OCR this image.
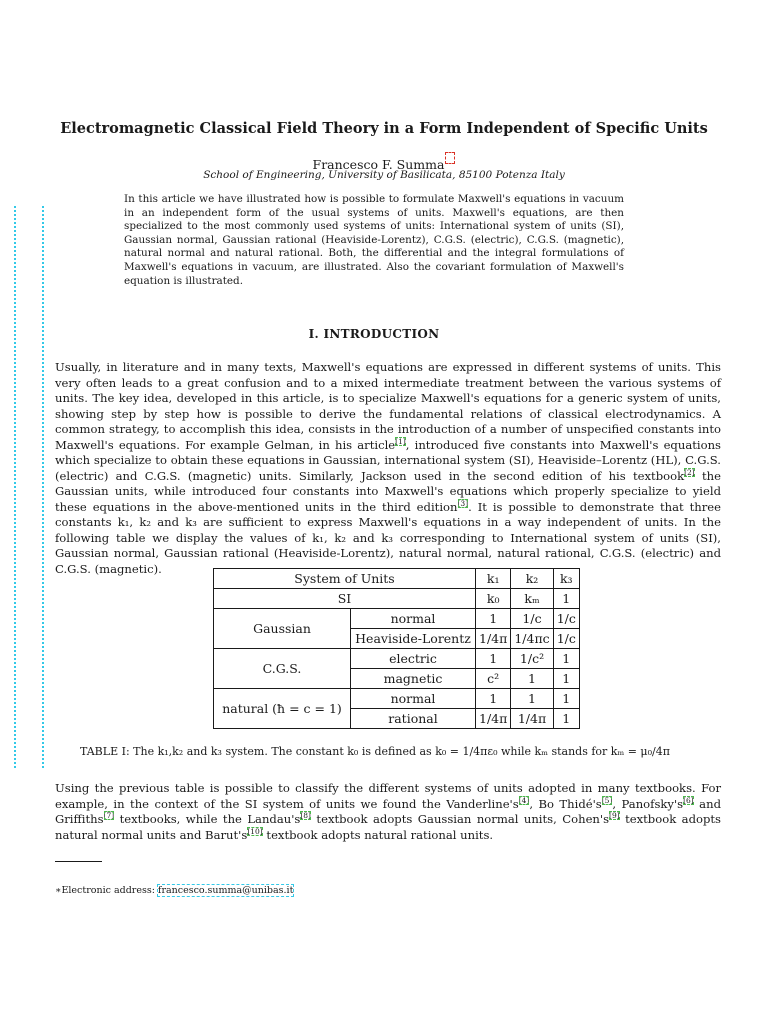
Electromagnetic Classical Field Theory in a Form Independent of Specific Units
Francesco F. Summa
School of Engineering, University of Basilicata, 85100 Potenza Italy
In this article we have illustrated how is possible to formulate Maxwell's equations in vacuum in an independent form of the usual systems of units. Maxwell's equations, are then specialized to the most commonly used systems of units: International system of units (SI), Gaussian normal, Gaussian rational (Heaviside-Lorentz), C.G.S. (electric), C.G.S. (magnetic), natural normal and natural rational. Both, the differential and the integral formulations of Maxwell's equations in vacuum, are illustrated. Also the covariant formulation of Maxwell's equation is illustrated.
I. INTRODUCTION
Usually, in literature and in many texts, Maxwell's equations are expressed in different systems of units. This very often leads to a great confusion and to a mixed intermediate treatment between the various systems of units. The key idea, developed in this article, is to specialize Maxwell's equations for a generic system of units, showing step by step how is possible to derive the fundamental relations of classical electrodynamics. A common strategy, to accomplish this idea, consists in the introduction of a number of unspecified constants into Maxwell's equations. For example Gelman, in his article[1], introduced five constants into Maxwell's equations which specialize to obtain these equations in Gaussian, international system (SI), Heaviside–Lorentz (HL), C.G.S. (electric) and C.G.S. (magnetic) units. Similarly, Jackson used in the second edition of his textbook[2] the Gaussian units, while introduced four constants into Maxwell's equations which properly specialize to yield these equations in the above-mentioned units in the third edition[3]. It is possible to demonstrate that three constants k₁, k₂ and k₃ are sufficient to express Maxwell's equations in a way independent of units. In the following table we display the values of k₁, k₂ and k₃ corresponding to International system of units (SI), Gaussian normal, Gaussian rational (Heaviside-Lorentz), natural normal, natural rational, C.G.S. (electric) and C.G.S. (magnetic).
System of Units		k₁	k₂	k₃
SI		k₀	kₘ	1
Gaussian	normal	1	1/c	1/c
	Heaviside-Lorentz	1/4π	1/4πc	1/c
C.G.S.	electric	1	1/c²	1
	magnetic	c²	1	1
natural (ħ = c = 1)	normal	1	1	1
	rational	1/4π	1/4π	1
TABLE I: The k₁,k₂ and k₃ system. The constant k₀ is defined as k₀ = 1/4πε₀ while kₘ stands for kₘ = μ₀/4π
Using the previous table is possible to classify the different systems of units adopted in many textbooks. For example, in the context of the SI system of units we found the Vanderline's[4], Bo Thidé's[5], Panofsky's[6] and Griffiths[7] textbooks, while the Landau's[8] textbook adopts Gaussian normal units, Cohen's[9] textbook adopts natural normal units and Barut's[10] textbook adopts natural rational units.
∗Electronic address: francesco.summa@unibas.it
